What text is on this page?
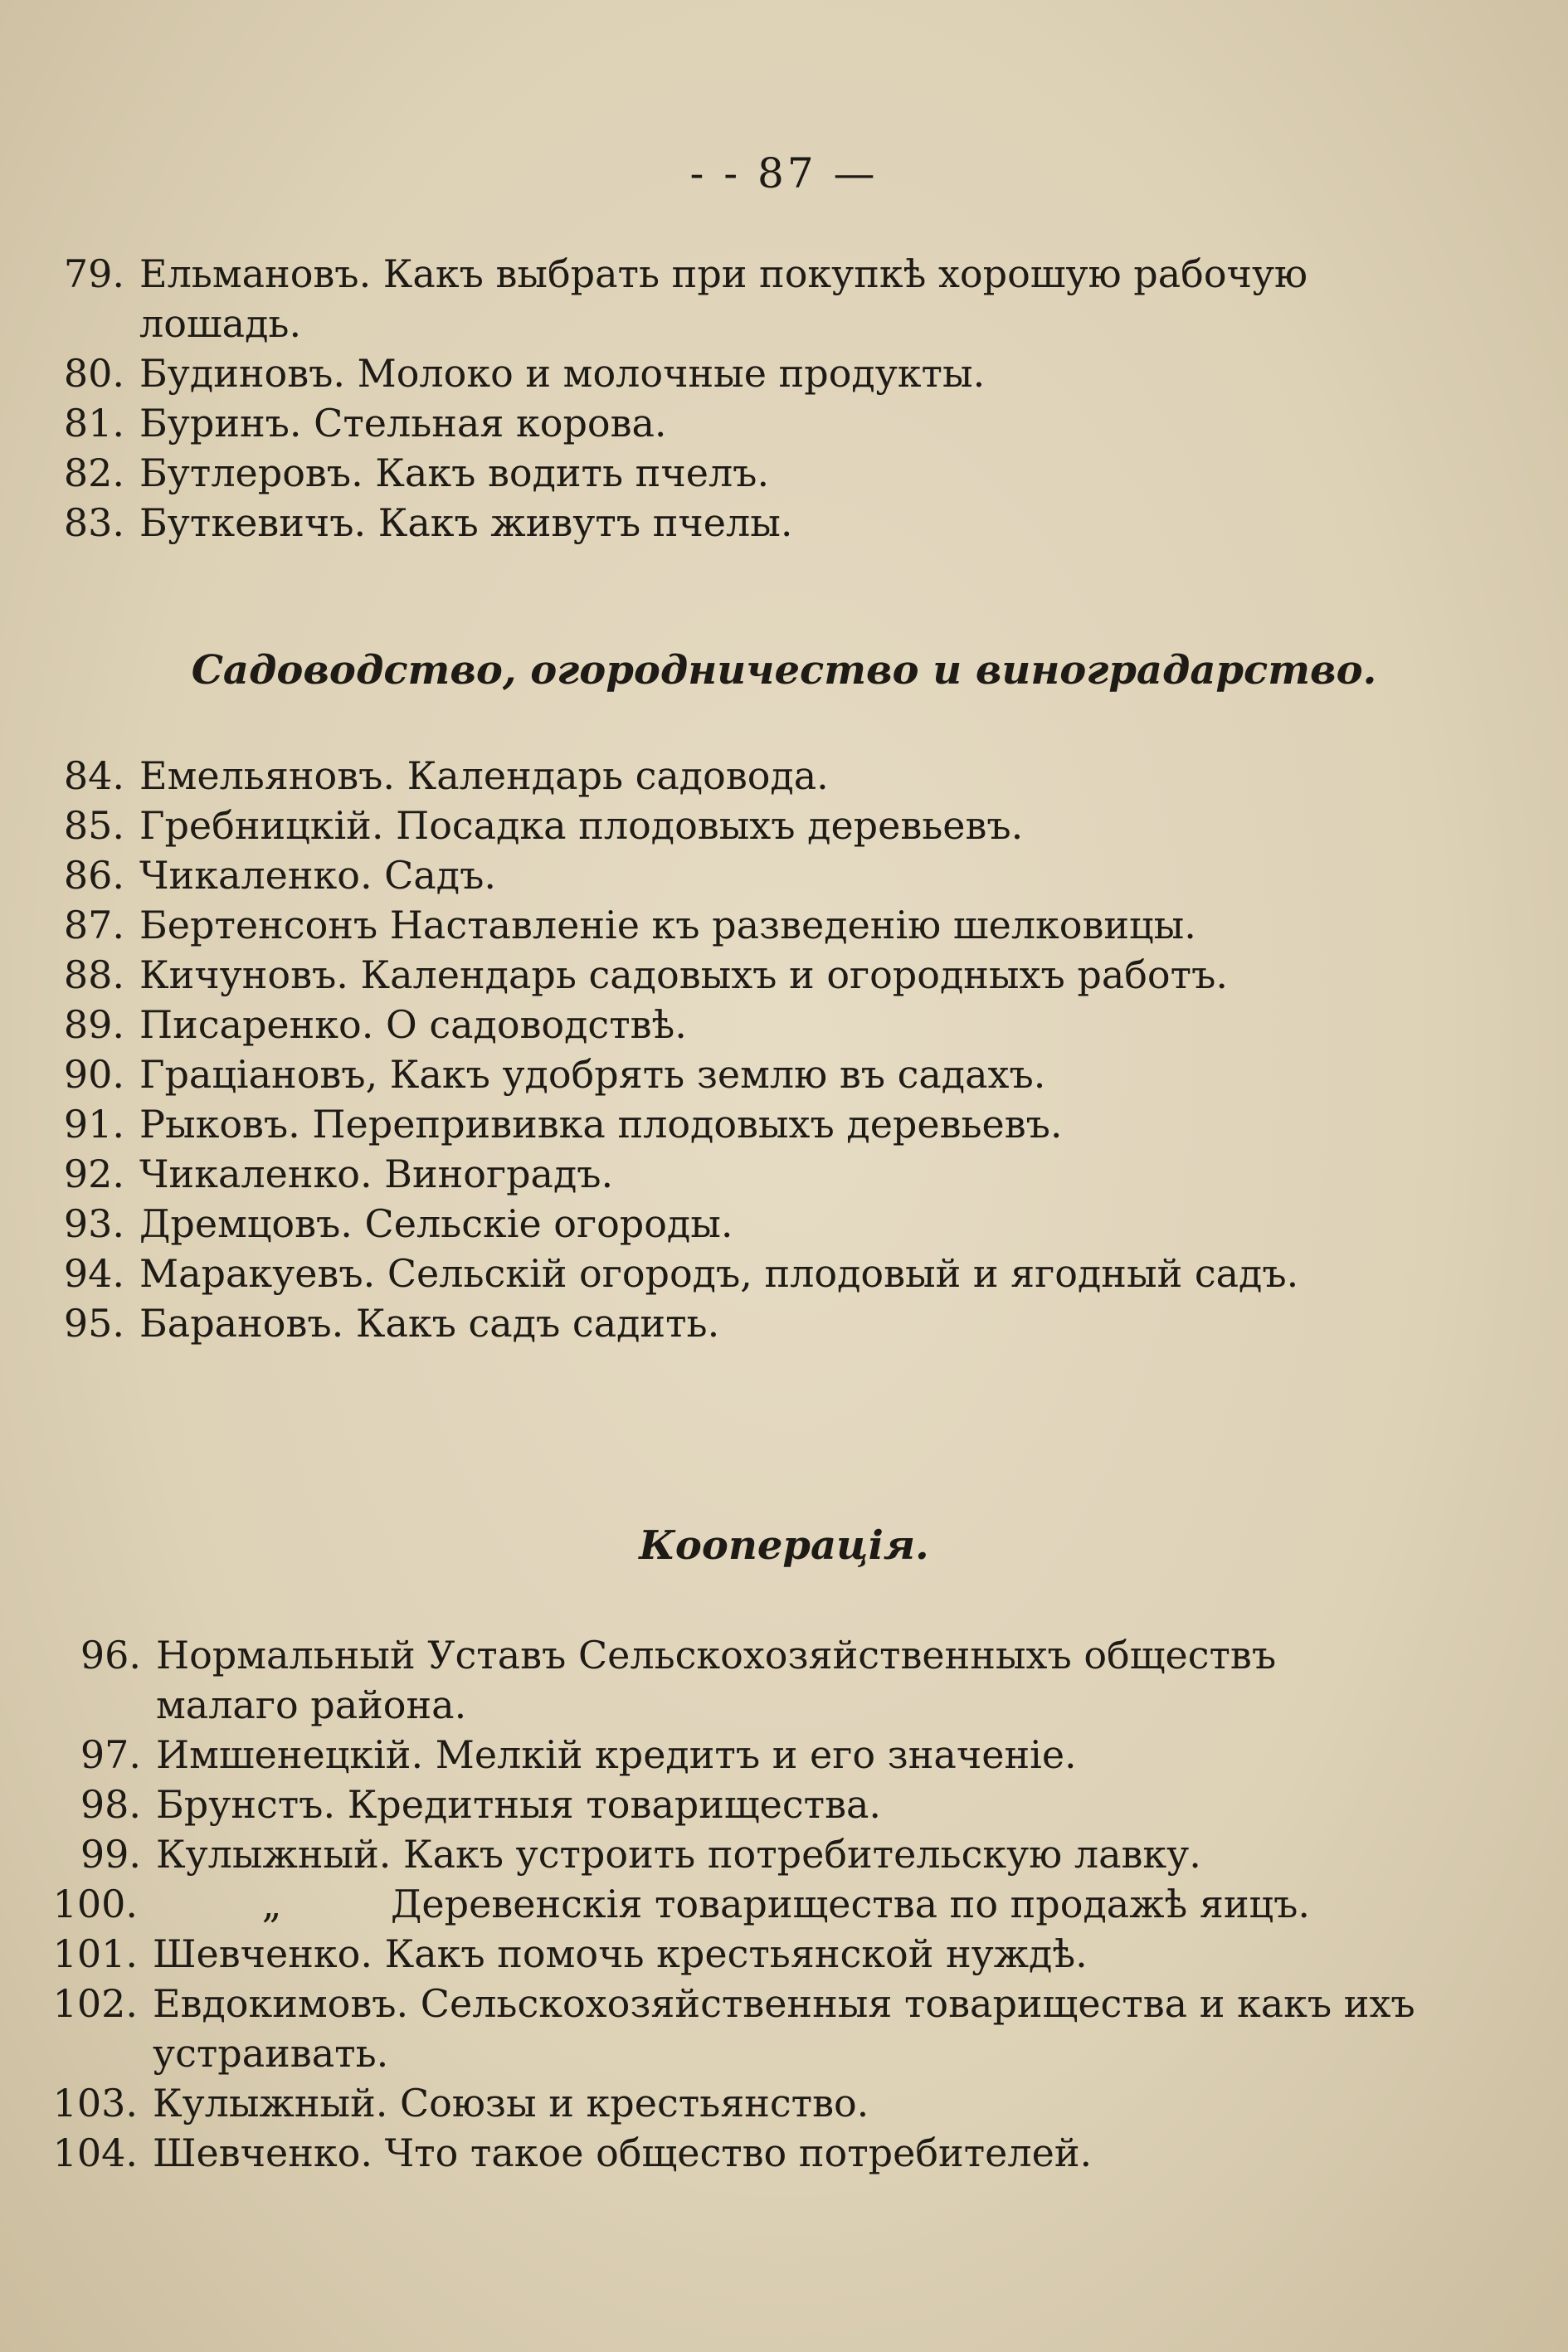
- - 87 —
79. Ельмановъ. Какъ выбрать при покупкѣ хорошую рабочую лошадь.
80. Будиновъ. Молоко и молочные продукты.
81. Буринъ. Стельная корова.
82. Бутлеровъ. Какъ водить пчелъ.
83. Буткевичъ. Какъ живутъ пчелы.
Садоводство, огородничество и виноградарство.
84. Емельяновъ. Календарь садовода.
85. Гребницкій. Посадка плодовыхъ деревьевъ.
86. Чикаленко. Садъ.
87. Бертенсонъ Наставленіе къ разведенію шелковицы.
88. Кичуновъ. Календарь садовыхъ и огородныхъ работъ.
89. Писаренко. О садоводствѣ.
90. Граціановъ, Какъ удобрять землю въ садахъ.
91. Рыковъ. Перепрививка плодовыхъ деревьевъ.
92. Чикаленко. Виноградъ.
93. Дремцовъ. Сельскіе огороды.
94. Маракуевъ. Сельскій огородъ, плодовый и ягодный садъ.
95. Барановъ. Какъ садъ садить.
Кооперація.
96. Нормальный Уставъ Сельскохозяйственныхъ обществъ малаго района.
97. Имшенецкій. Мелкій кредитъ и его значеніе.
98. Брунстъ. Кредитныя товарищества.
99. Кулыжный. Какъ устроить потребительскую лавку.
100. „         Деревенскія товарищества по продажѣ яицъ.
101. Шевченко. Какъ помочь крестьянской нуждѣ.
102. Евдокимовъ. Сельскохозяйственныя товарищества и какъ ихъ устраивать.
103. Кулыжный. Союзы и крестьянство.
104. Шевченко. Что такое общество потребителей.
